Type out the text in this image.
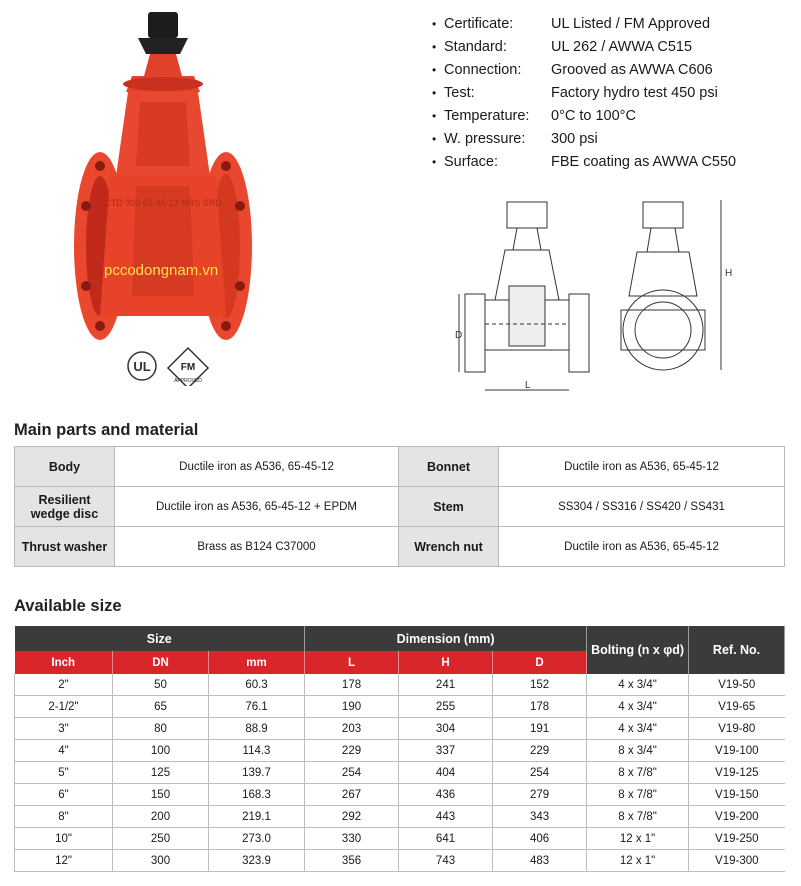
CTD 300 65-45-12 NRS SRD
UL	FM
APPROVED
pccodongnam.vn
• Certificate:	UL Listed / FM Approved
• Standard:	UL 262 / AWWA C515
• Connection:	Grooved as AWWA C606
• Test:	Factory hydro test 450 psi
• Temperature:	0°C to 100°C
• W. pressure:	300 psi
• Surface:	FBE coating as AWWA C550
D
L
H
Main parts and material
Body	Ductile iron as A536, 65-45-12	Bonnet	Ductile iron as A536, 65-45-12
Resilient wedge disc	Ductile iron as A536, 65-45-12 + EPDM	Stem	SS304 / SS316 / SS420 / SS431
Thrust washer	Brass as B124 C37000	Wrench nut	Ductile iron as A536, 65-45-12
Available size
Size			Dimension (mm)			Bolting (n x φd)	Ref. No.
Inch	DN	mm	L	H	D		
2"	50	60.3	178	241	152	4 x 3/4"	V19-50
2-1/2"	65	76.1	190	255	178	4 x 3/4"	V19-65
3"	80	88.9	203	304	191	4 x 3/4"	V19-80
4"	100	114.3	229	337	229	8 x 3/4"	V19-100
5"	125	139.7	254	404	254	8 x 7/8"	V19-125
6"	150	168.3	267	436	279	8 x 7/8"	V19-150
8"	200	219.1	292	443	343	8 x 7/8"	V19-200
10"	250	273.0	330	641	406	12 x 1"	V19-250
12"	300	323.9	356	743	483	12 x 1"	V19-300
